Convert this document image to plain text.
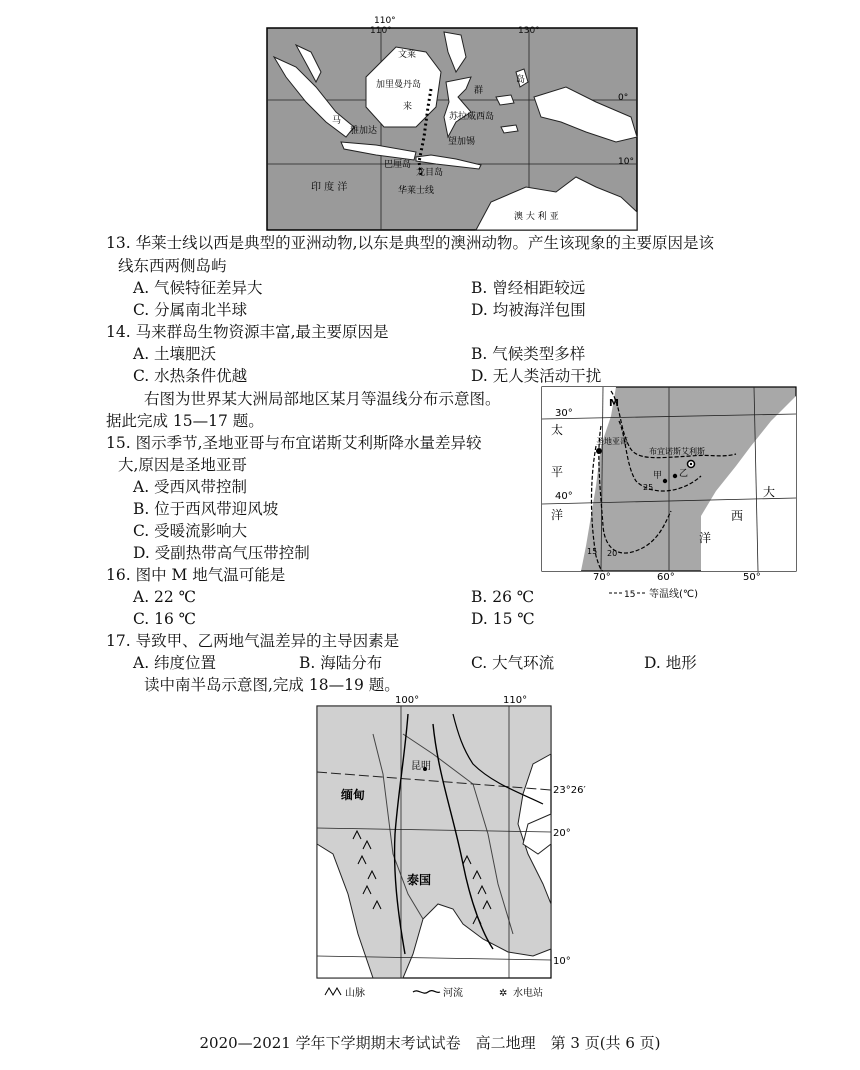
110°
文莱
加里曼丹岛
来
马
雅加达
巴厘岛
龙目岛
苏拉威西岛
望加锡
群
岛
印 度 洋	华莱士线
澳 大 利 亚
0°
10°
110°	130°
13. 华莱士线以西是典型的亚洲动物,以东是典型的澳洲动物。产生该现象的主要原因是该
线东西两侧岛屿
A. 气候特征差异大	B. 曾经相距较远
C. 分属南北半球	D. 均被海洋包围
14. 马来群岛生物资源丰富,最主要原因是
A. 土壤肥沃	B. 气候类型多样
C. 水热条件优越	D. 无人类活动干扰
右图为世界某大洲局部地区某月等温线分布示意图。
据此完成 15—17 题。
15. 图示季节,圣地亚哥与布宜诺斯艾利斯降水量差异较
大,原因是圣地亚哥
A. 受西风带控制
B. 位于西风带迎风坡
C. 受暖流影响大
D. 受副热带高气压带控制
16. 图中 M 地气温可能是
A. 22 ℃	B. 26 ℃
C. 16 ℃	D. 15 ℃
17. 导致甲、乙两地气温差异的主导因素是
A. 纬度位置	B. 海陆分布	C. 大气环流	D. 地形
读中南半岛示意图,完成 18—19 题。
30°
40°
M
太
平
洋
大
西
洋
圣地亚哥
布宜诺斯艾利斯
甲 乙
25
20
15
70°	60°	50°
15 等温线(℃)
昆明
缅甸
泰国
100°	110°
23°26′
20°
10°
山脉	河流	✲ 水电站
2020—2021 学年下学期期末考试试卷　高二地理　第 3 页(共 6 页)
